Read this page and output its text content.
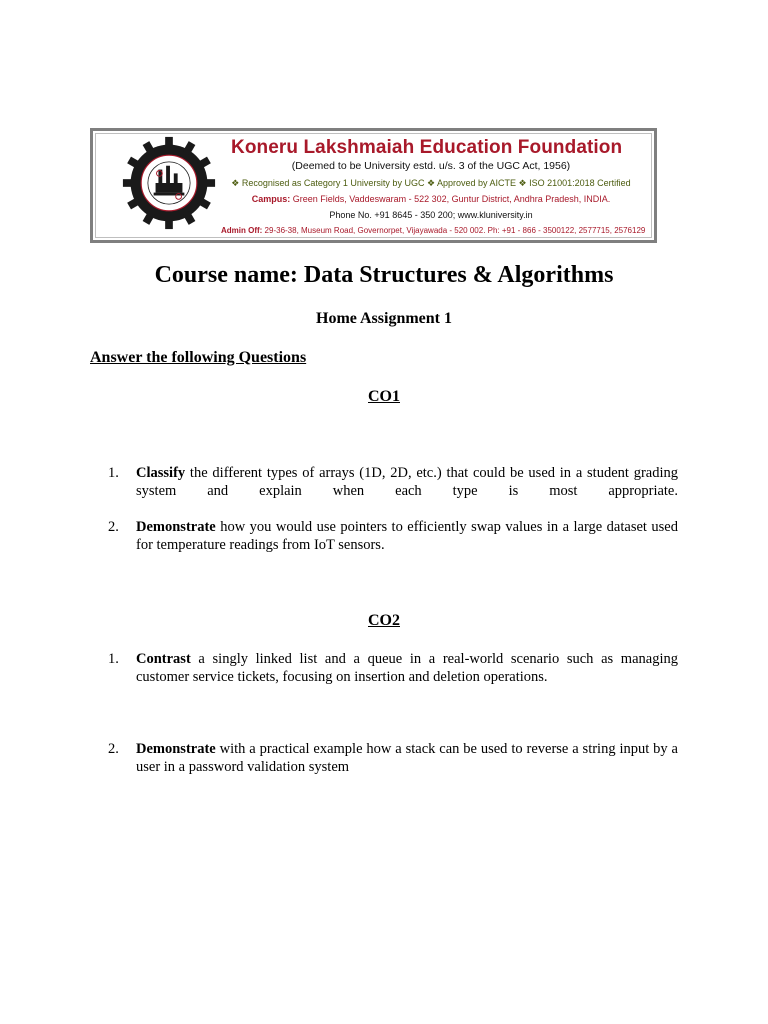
Koneru Lakshmaiah Education Foundation
(Deemed to be University estd. u/s. 3 of the UGC Act, 1956)
❖ Recognised as Category 1 University by UGC ❖ Approved by AICTE ❖ ISO 21001:2018 Certified
Campus: Green Fields, Vaddeswaram - 522 302, Guntur District, Andhra Pradesh, INDIA.
Phone No. +91 8645 - 350 200; www.kluniversity.in
Admin Off: 29-36-38, Museum Road, Governorpet, Vijayawada - 520 002. Ph: +91 - 866 - 3500122, 2577715, 2576129
Course name: Data Structures & Algorithms
Home Assignment 1
Answer the following Questions
CO1
1.	Classify the different types of arrays (1D, 2D, etc.) that could be used in a student grading system and explain when each type is most appropriate.
2.	Demonstrate how you would use pointers to efficiently swap values in a large dataset used for temperature readings from IoT sensors.
CO2
1.	Contrast a singly linked list and a queue in a real-world scenario such as managing customer service tickets, focusing on insertion and deletion operations.
2.	Demonstrate with a practical example how a stack can be used to reverse a string input by a user in a password validation system
